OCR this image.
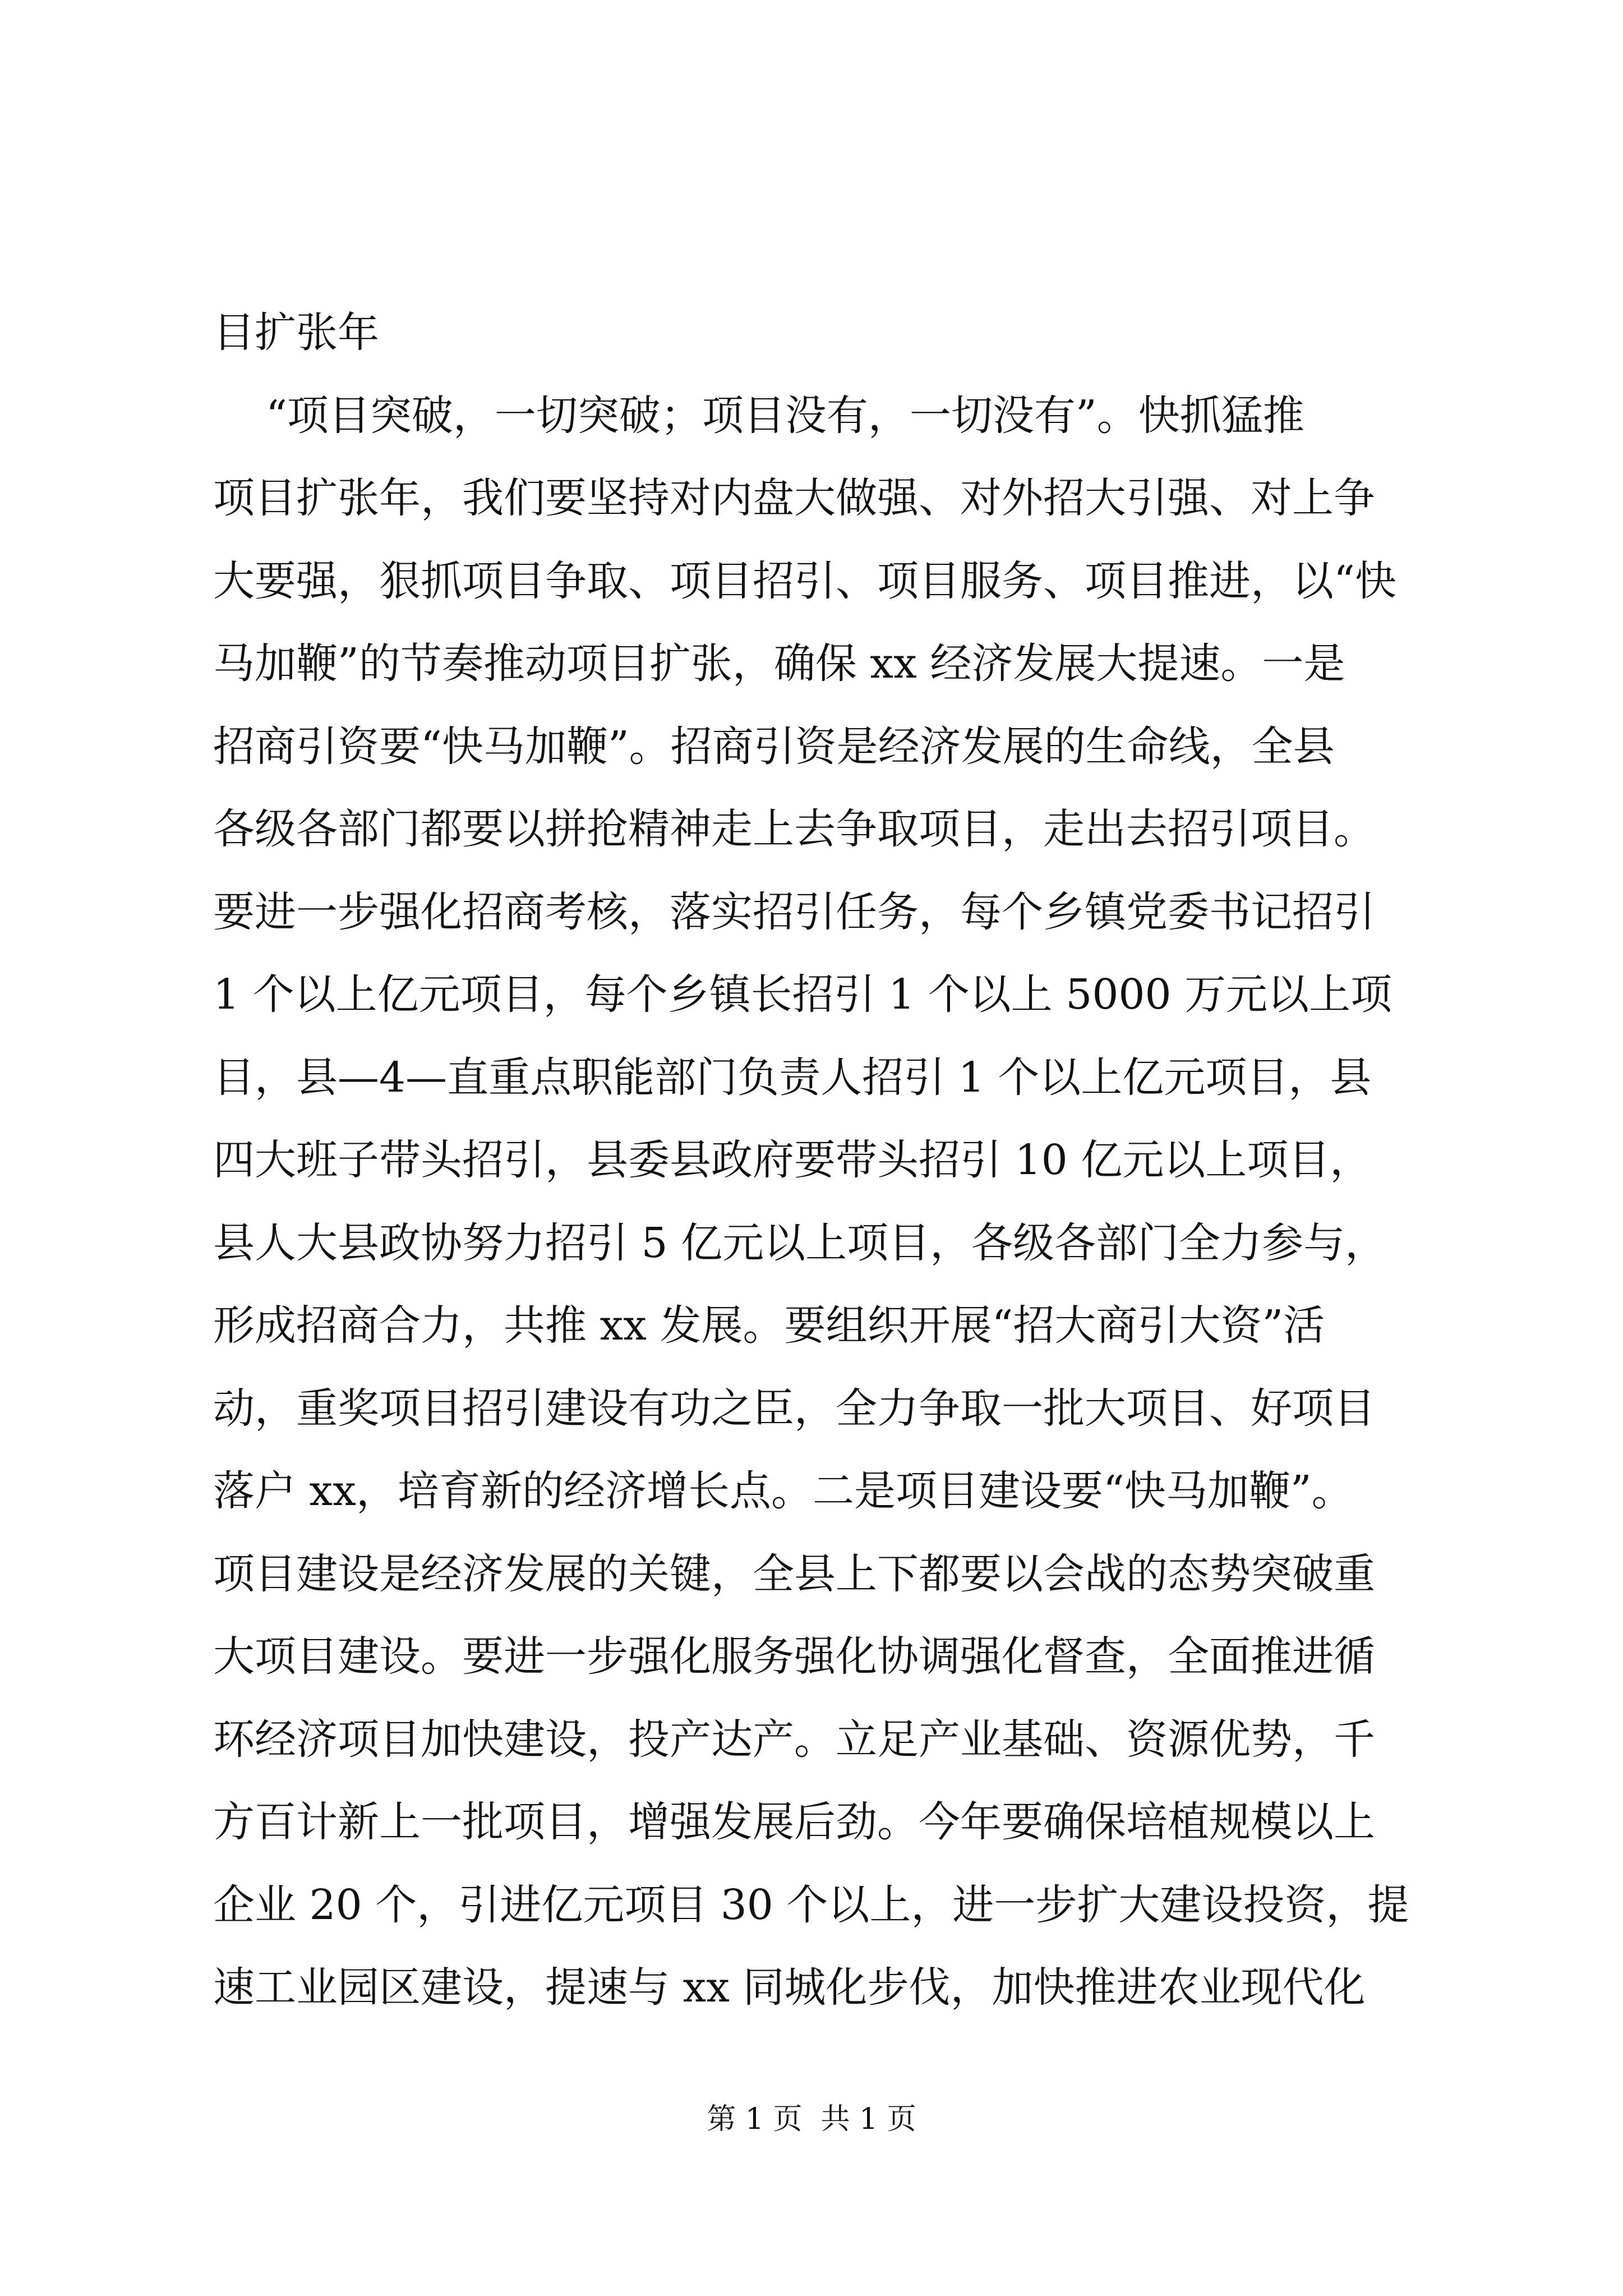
目扩张年
“项目突破，一切突破；项目没有，一切没有”。快抓猛推
项目扩张年，我们要坚持对内盘大做强、对外招大引强、对上争
大要强，狠抓项目争取、项目招引、项目服务、项目推进，以“快
马加鞭”的节奏推动项目扩张，确保 xx 经济发展大提速。一是
招商引资要“快马加鞭”。招商引资是经济发展的生命线，全县
各级各部门都要以拼抢精神走上去争取项目，走出去招引项目。
要进一步强化招商考核，落实招引任务，每个乡镇党委书记招引
1 个以上亿元项目，每个乡镇长招引 1 个以上 5000 万元以上项
目，县—4—直重点职能部门负责人招引 1 个以上亿元项目，县
四大班子带头招引，县委县政府要带头招引 10 亿元以上项目，
县人大县政协努力招引 5 亿元以上项目，各级各部门全力参与，
形成招商合力，共推 xx 发展。要组织开展“招大商引大资”活
动，重奖项目招引建设有功之臣，全力争取一批大项目、好项目
落户 xx，培育新的经济增长点。二是项目建设要“快马加鞭”。
项目建设是经济发展的关键，全县上下都要以会战的态势突破重
大项目建设。要进一步强化服务强化协调强化督查，全面推进循
环经济项目加快建设，投产达产。立足产业基础、资源优势，千
方百计新上一批项目，增强发展后劲。今年要确保培植规模以上
企业 20 个，引进亿元项目 30 个以上，进一步扩大建设投资，提
速工业园区建设，提速与 xx 同城化步伐，加快推进农业现代化
第 1 页  共 1 页
